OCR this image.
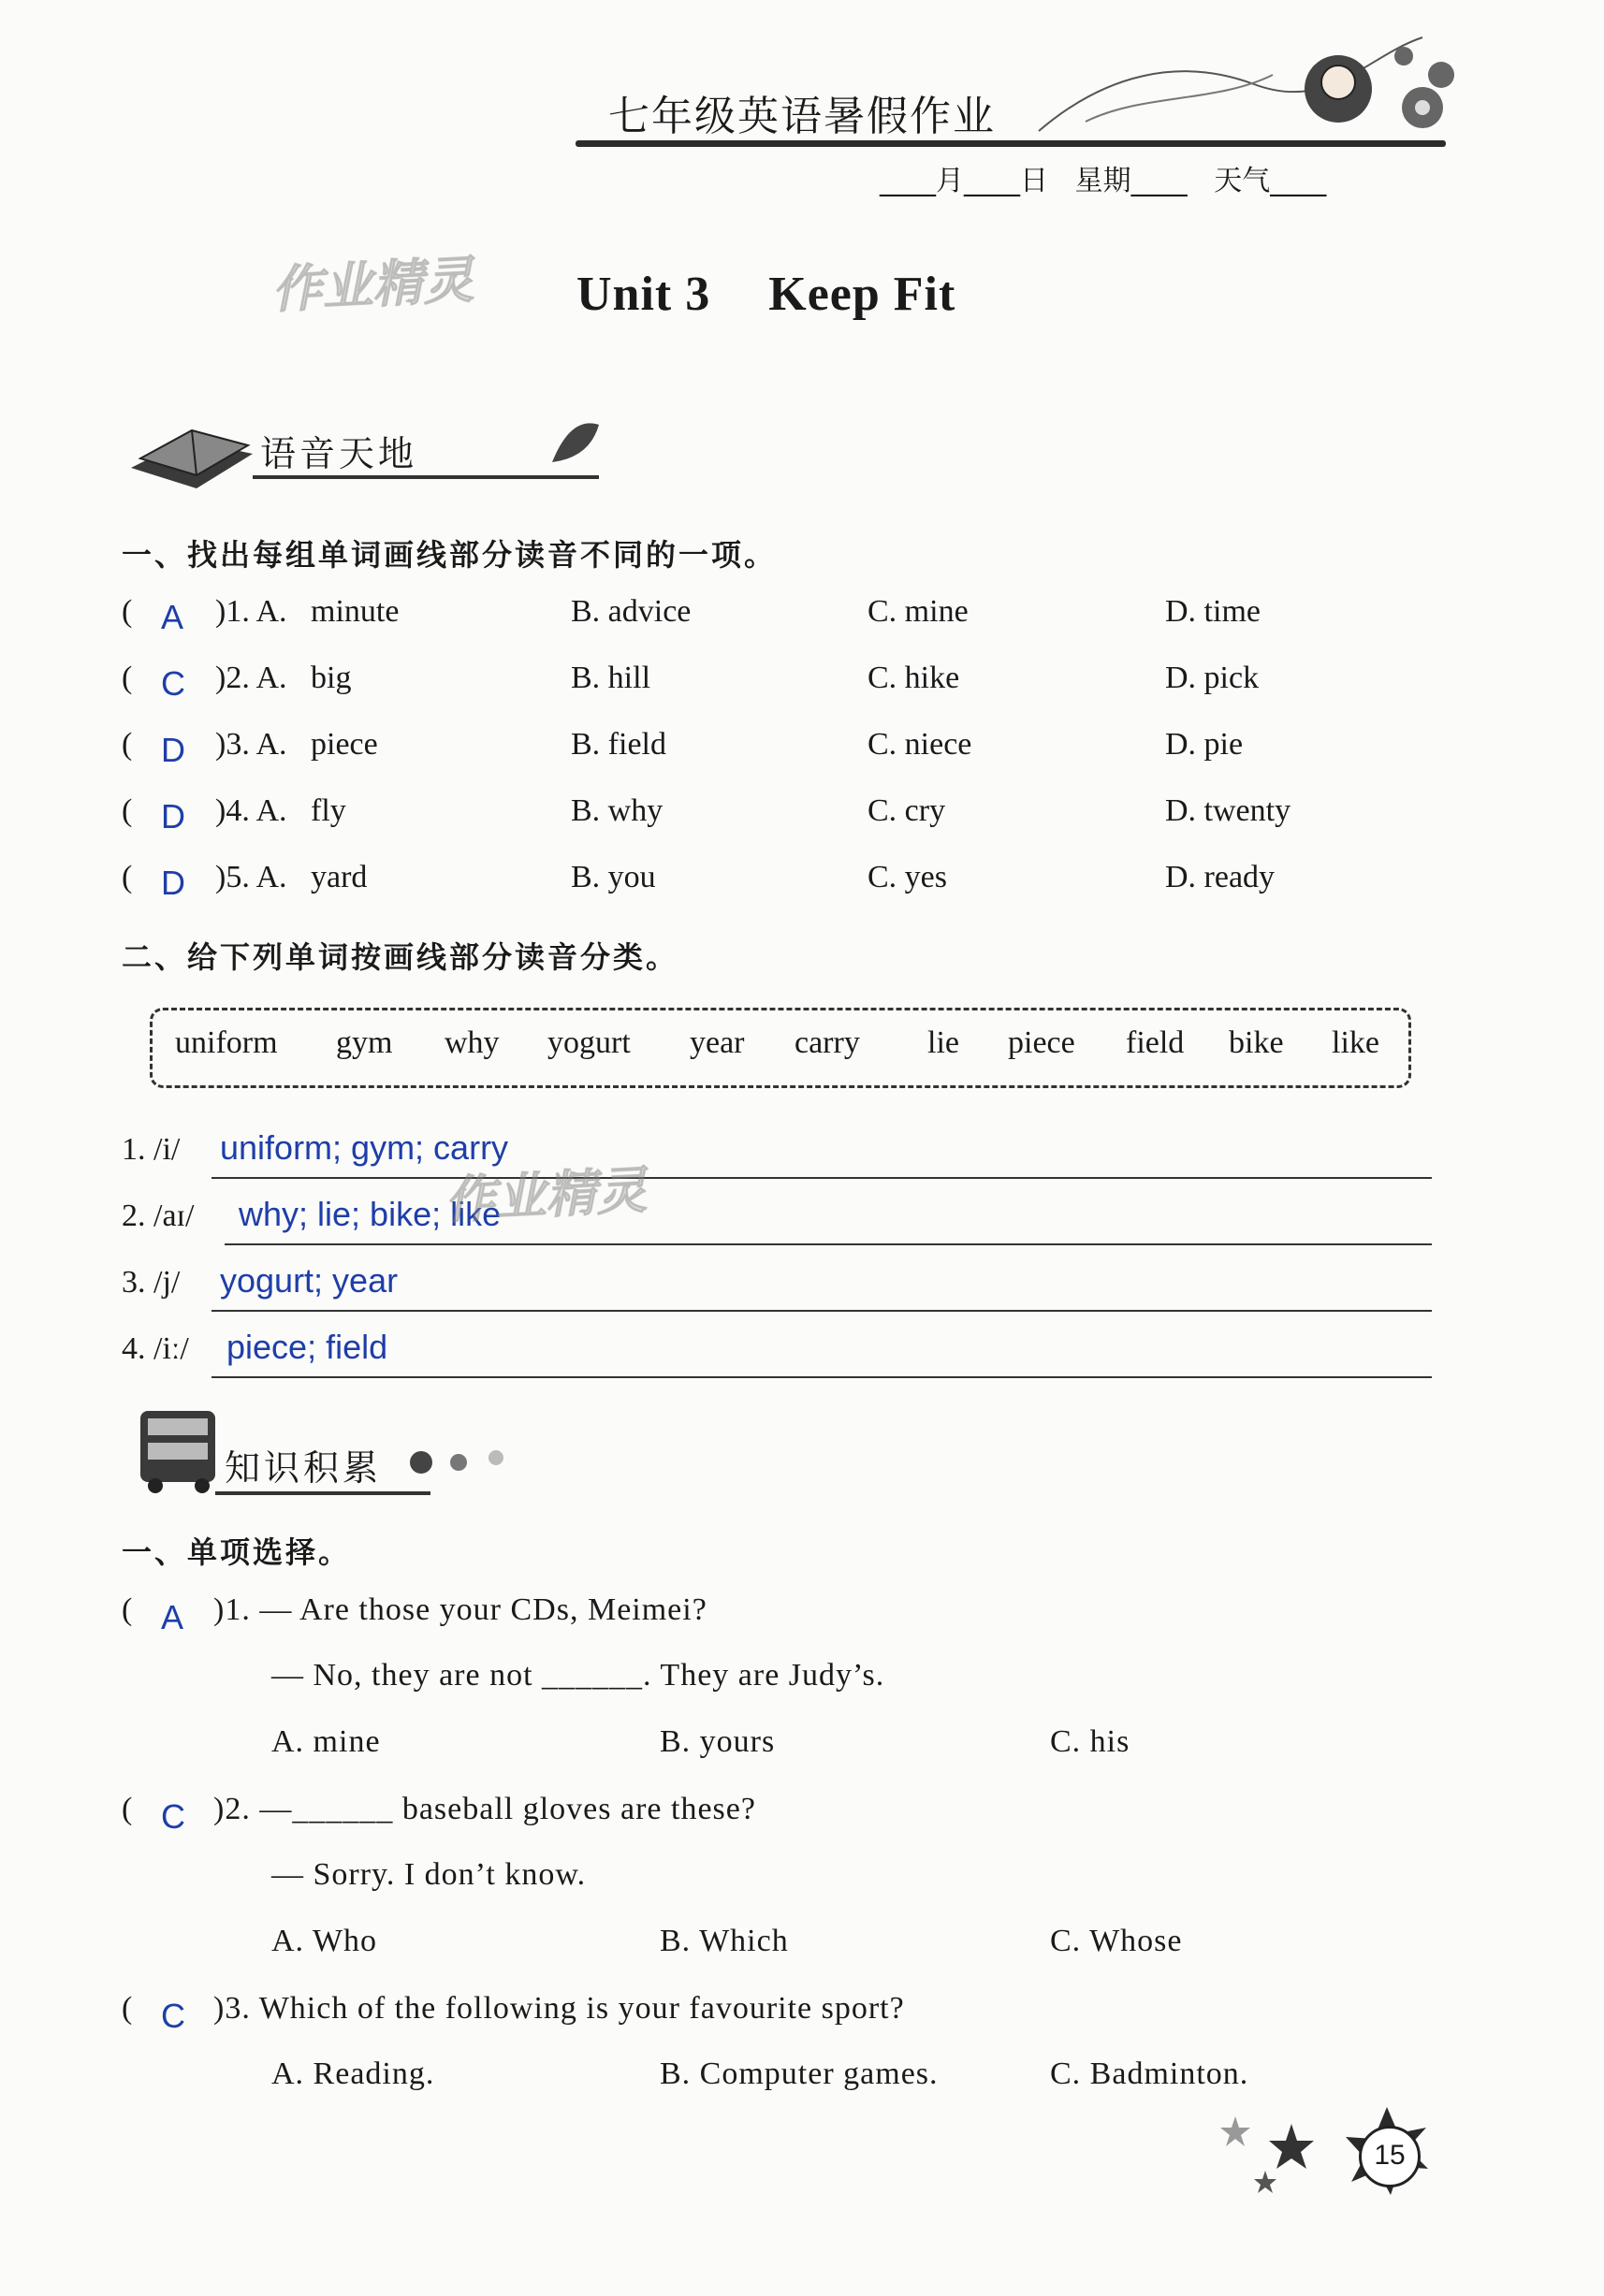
七年级英语暑假作业
____月____日   星期____   天气____
Unit 3 Keep Fit
作业精灵
语音天地
一、找出每组单词画线部分读音不同的一项。
( A )1. A. minute	B. advice	C. mine	D. time
( C )2. A. big	B. hill	C. hike	D. pick
( D )3. A. piece	B. field	C. niece	D. pie
( D )4. A. fly	B. why	C. cry	D. twenty
( D )5. A. yard	B. you	C. yes	D. ready
二、给下列单词按画线部分读音分类。
uniform gym why yogurt year carry lie piece field bike like
1. /i/ uniform; gym; carry
2. /aɪ/ why; lie; bike; like
3. /j/ yogurt; year
4. /iː/ piece; field
作业精灵
知识积累
一、单项选择。
( A )1. — Are those your CDs, Meimei?
— No, they are not ______. They are Judy’s.
A. mine	B. yours	C. his
( C )2. —______ baseball gloves are these?
— Sorry. I don’t know.
A. Who	B. Which	C. Whose
( C )3. Which of the following is your favourite sport?
A. Reading.	B. Computer games.	C. Badminton.
15
